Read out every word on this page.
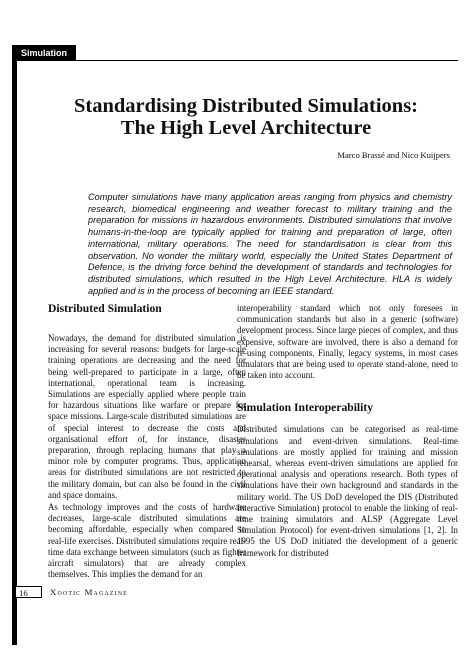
Simulation
Standardising Distributed Simulations:
The High Level Architecture
Marco Brassé and Nico Kuijpers

Computer simulations have many application areas ranging from physics and chemistry research, biomedical engineering and weather forecast to military training and the preparation for missions in hazardous environments. Distributed simulations that involve humans-in-the-loop are typically applied for training and preparation of large, often international, military operations. The need for standardisation is clear from this observation. No wonder the military world, especially the United States Department of Defence, is the driving force behind the development of standards and technologies for distributed simulations, which resulted in the High Level Architecture. HLA is widely applied and is in the process of becoming an IEEE standard.

Distributed Simulation

Nowadays, the demand for distributed simulation is increasing for several reasons: budgets for large-scale training operations are decreasing and the need for being well-prepared to participate in a large, often international, operational team is increasing. Simulations are especially applied where people train for hazardous situations like warfare or prepare for space missions. Large-scale distributed simulations are of special interest to decrease the costs and organisational effort of, for instance, disaster preparation, through replacing humans that play a minor role by computer programs. Thus, application areas for distributed simulations are not restricted to the military domain, but can also be found in the civil and space domains.

As technology improves and the costs of hardware decreases, large-scale distributed simulations are becoming affordable, especially when compared to real-life exercises. Distributed simulations require real-time data exchange between simulators (such as fighter aircraft simulators) that are already complex themselves. This implies the demand for an

interoperability standard which not only foresees in communication standards but also in a generic (software) development process. Since large pieces of complex, and thus expensive, software are involved, there is also a demand for re-using components. Finally, legacy systems, in most cases simulators that are being used to operate stand-alone, need to be taken into account.

Simulation Interoperability

Distributed simulations can be categorised as real-time simulations and event-driven simulations. Real-time simulations are mostly applied for training and mission rehearsal, whereas event-driven simulations are applied for operational analysis and operations research. Both types of simulations have their own background and standards in the military world. The US DoD developed the DIS (Distributed Interactive Simulation) protocol to enable the linking of real-time training simulators and ALSP (Aggregate Level Simulation Protocol) for event-driven simulations [1, 2]. In 1995 the US DoD initiated the development of a generic framework for distributed

16	Xootic Magazine
